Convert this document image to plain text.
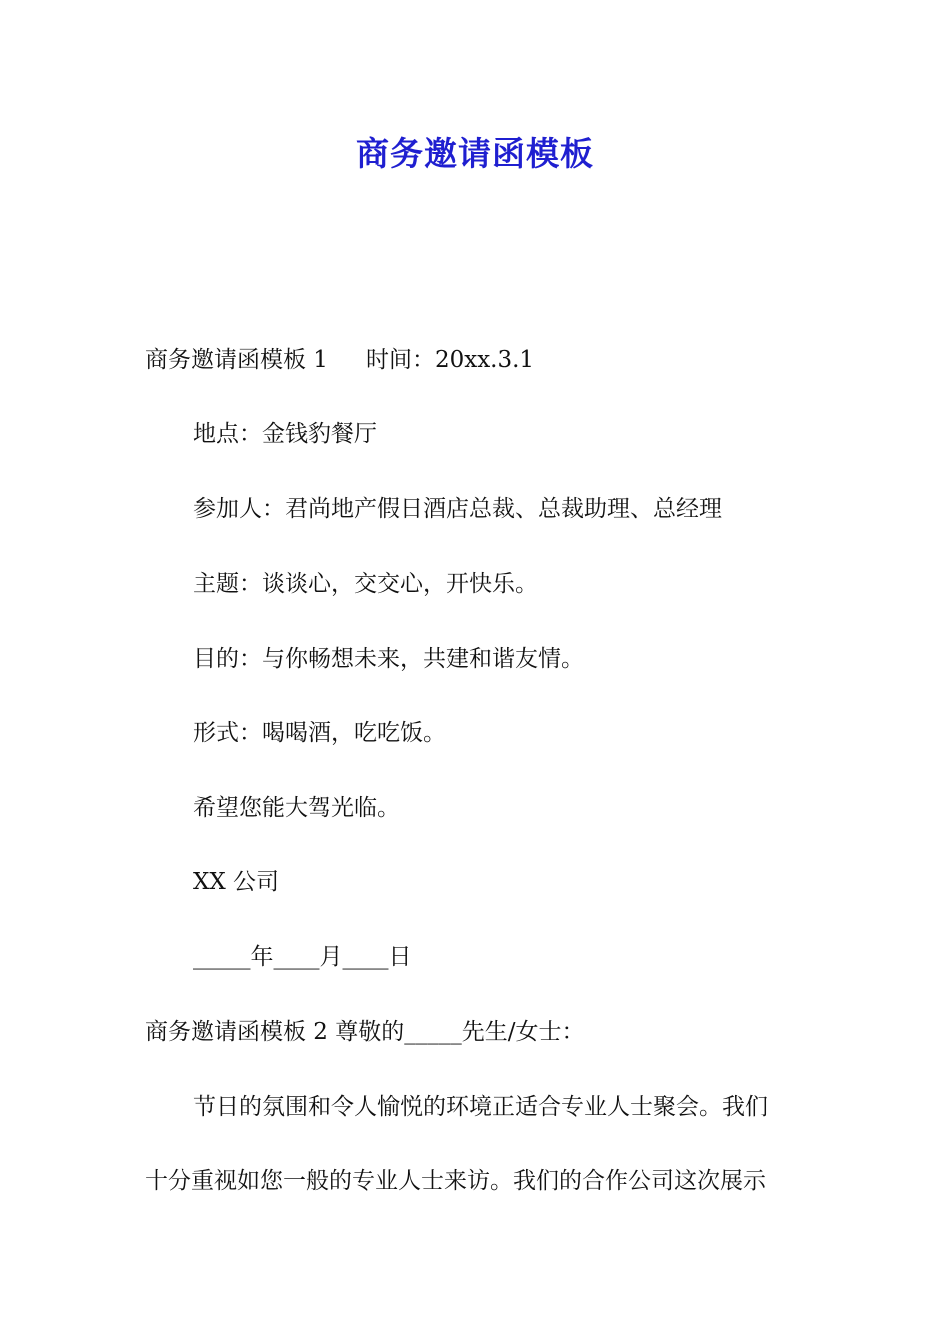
商务邀请函模板
商务邀请函模板 1 时间：20xx.3.1
地点：金钱豹餐厅
参加人：君尚地产假日酒店总裁、总裁助理、总经理
主题：谈谈心，交交心，开快乐。
目的：与你畅想未来，共建和谐友情。
形式：喝喝酒，吃吃饭。
希望您能大驾光临。
XX 公司
_____年____月____日
商务邀请函模板 2 尊敬的_____先生/女士：
节日的氛围和令人愉悦的环境正适合专业人士聚会。我们
十分重视如您一般的专业人士来访。我们的合作公司这次展示
